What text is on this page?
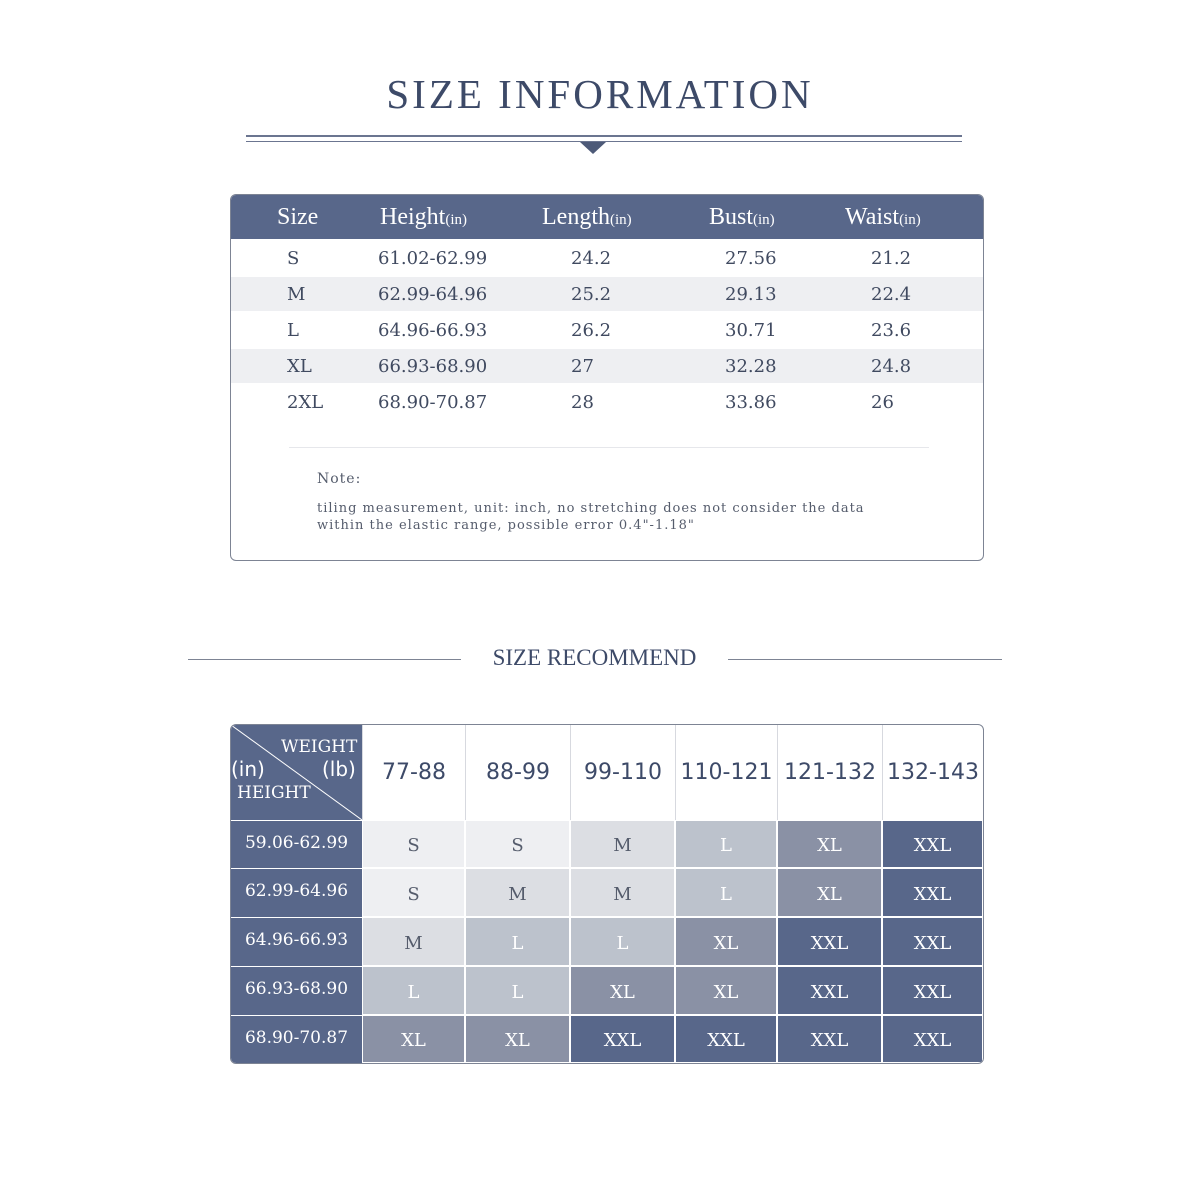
SIZE INFORMATION
Size	Height(in)	Length(in)	Bust(in)	Waist(in)
S	61.02-62.99	24.2	27.56	21.2
M	62.99-64.96	25.2	29.13	22.4
L	64.96-66.93	26.2	30.71	23.6
XL	66.93-68.90	27	32.28	24.8
2XL	68.90-70.87	28	33.86	26
Note:
tiling measurement, unit: inch, no stretching does not consider the data
within the elastic range, possible error 0.4"-1.18"
SIZE RECOMMEND
WEIGHT
(in)	(lb)
HEIGHT
77-88	88-99	99-110 110-121 121-132 132-143
59.06-62.99	S	S	M	L	XL	XXL
62.99-64.96	S	M	M	L	XL	XXL
64.96-66.93	M	L	L	XL	XXL	XXL
66.93-68.90	L	L	XL	XL	XXL	XXL
68.90-70.87	XL	XL	XXL	XXL	XXL	XXL
